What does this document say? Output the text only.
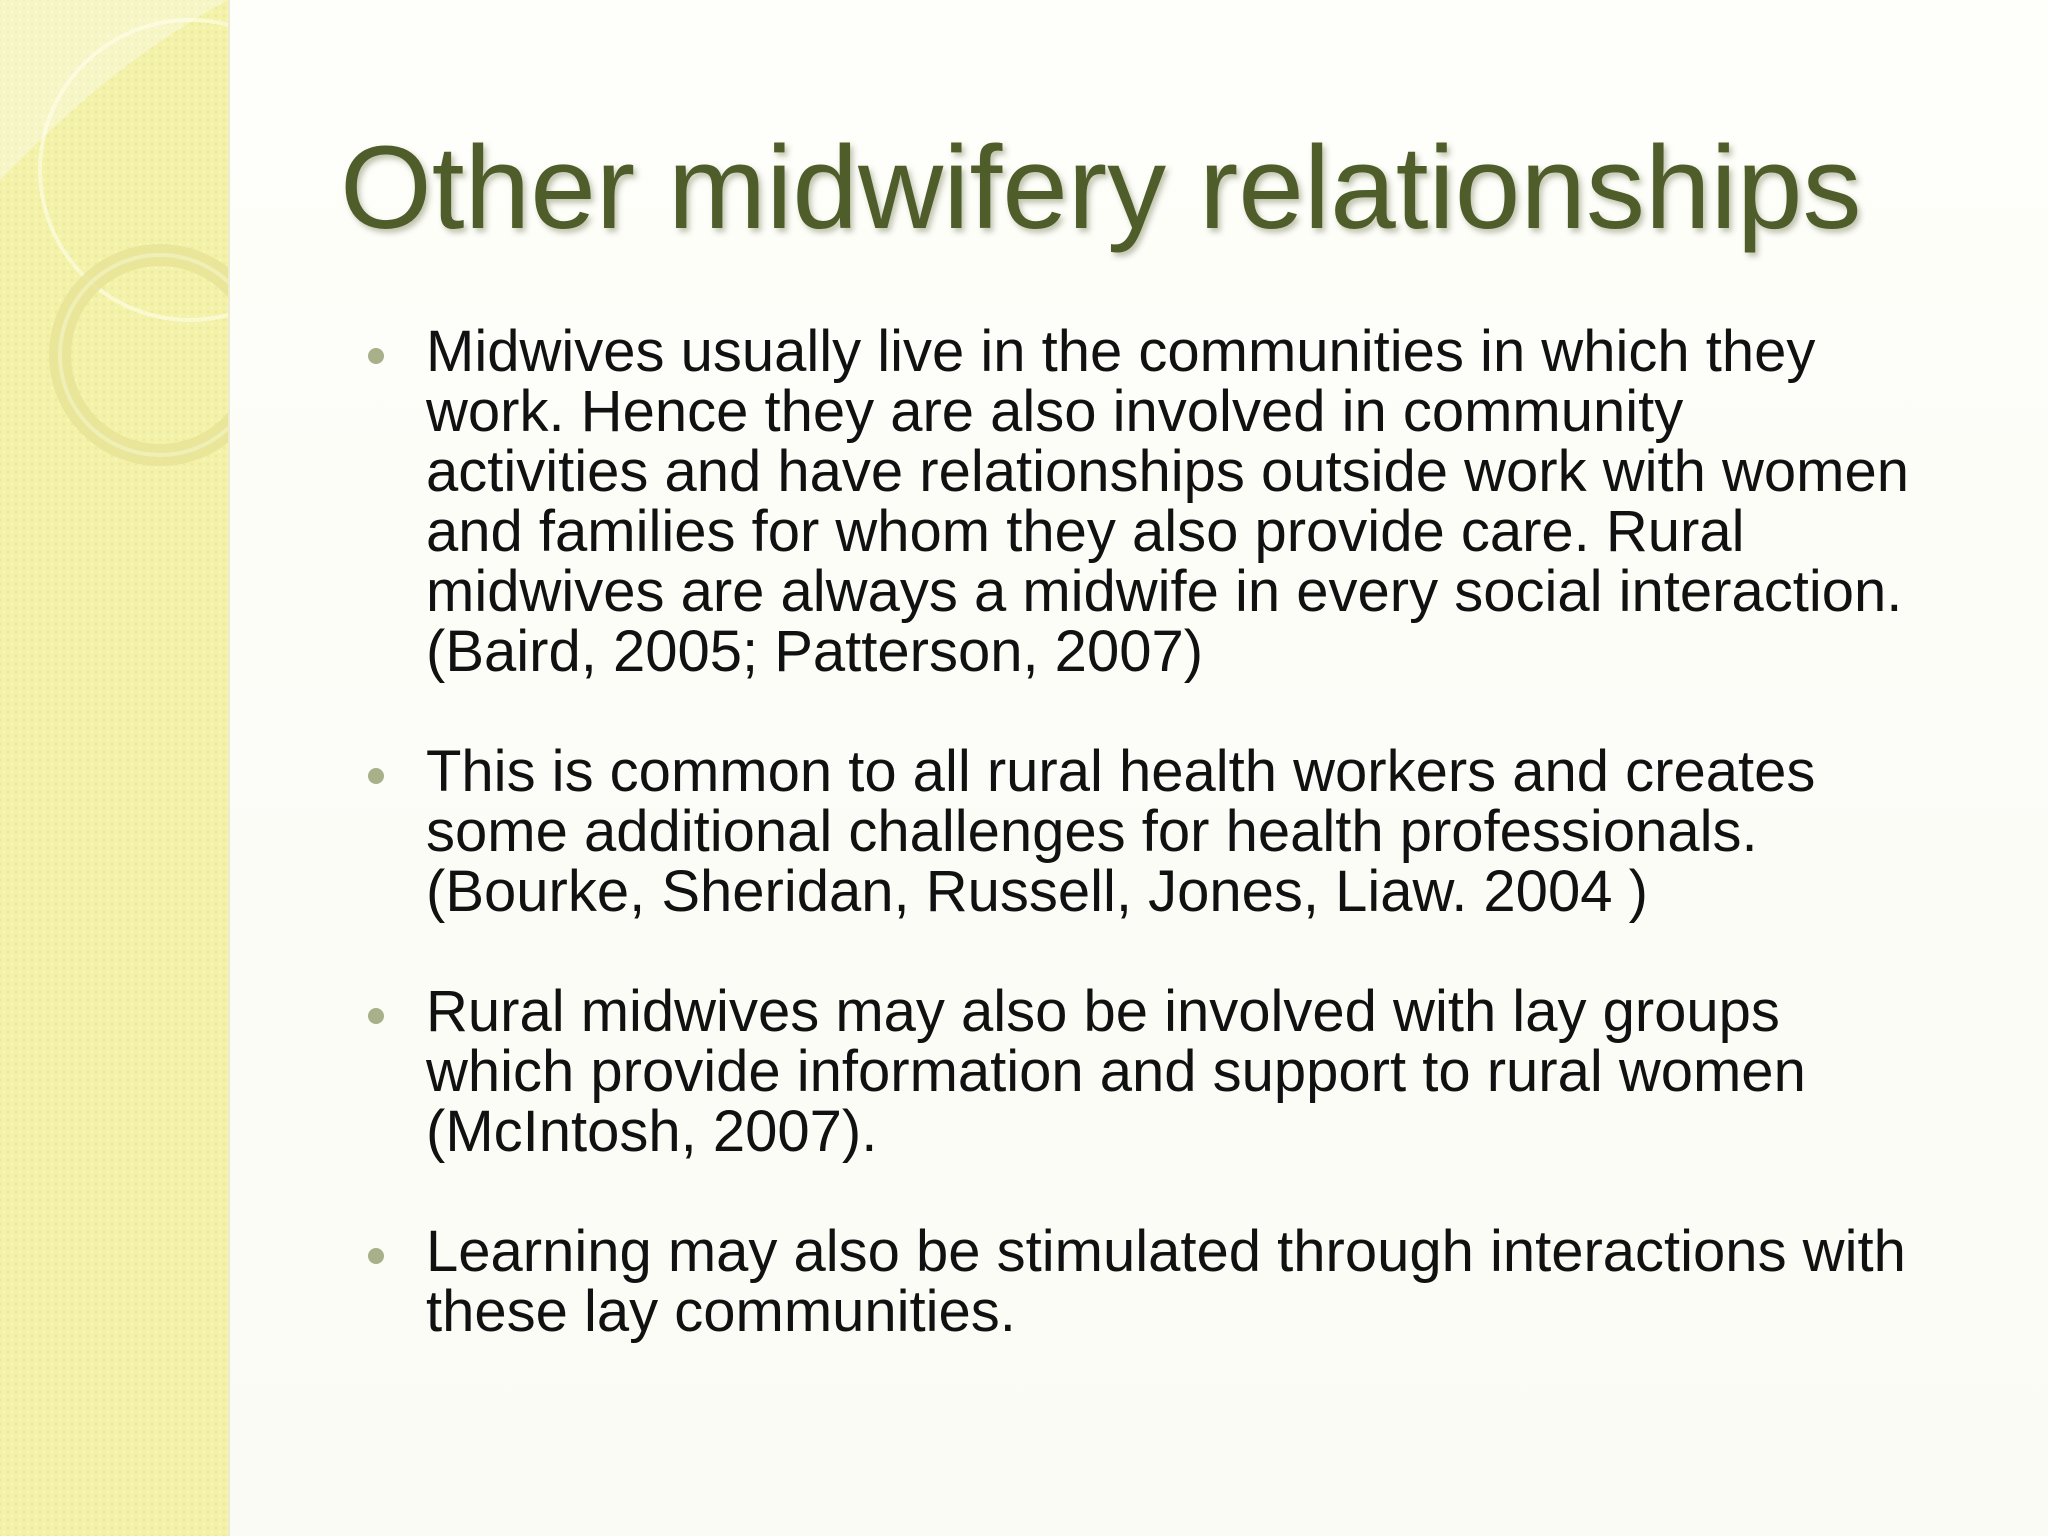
Other midwifery relationships
Midwives usually live in the communities in which they
work. Hence they are also involved in community
activities and have relationships outside work with women
and families for whom they also provide care. Rural
midwives are always a midwife in every social interaction.
(Baird, 2005; Patterson, 2007)
This is common to all rural health workers and creates
some additional challenges for health professionals.
(Bourke, Sheridan, Russell, Jones, Liaw. 2004 )
Rural midwives may also be involved with lay groups
which provide information and support to rural women
(McIntosh, 2007).
Learning may also be stimulated through interactions with
these lay communities.
